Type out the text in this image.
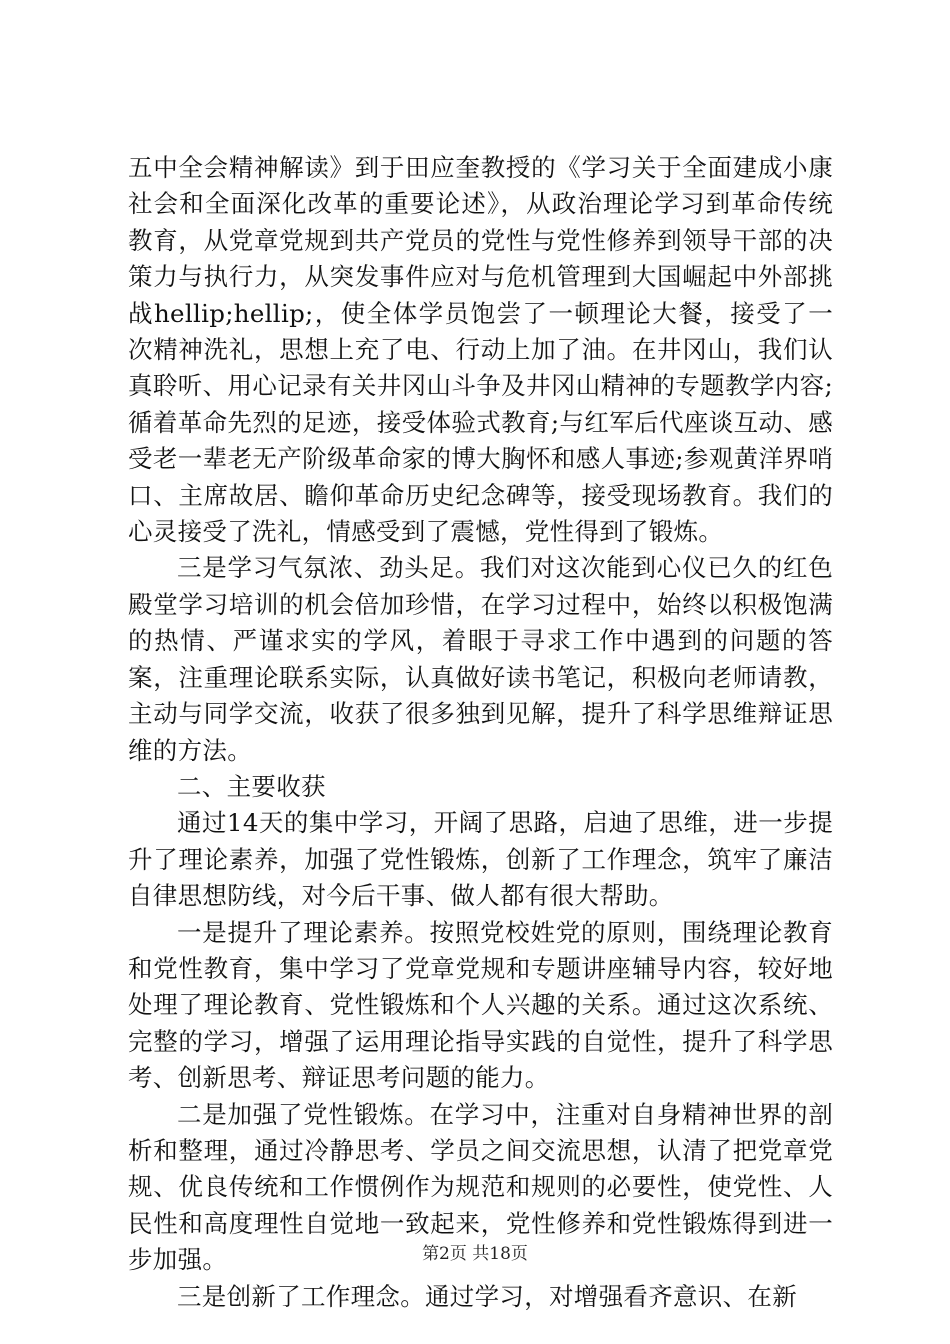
五中全会精神解读》到于田应奎教授的《学习关于全面建成小康社会和全面深化改革的重要论述》，从政治理论学习到革命传统教育，从党章党规到共产党员的党性与党性修养到领导干部的决策力与执行力，从突发事件应对与危机管理到大国崛起中外部挑战hellip;hellip;，使全体学员饱尝了一顿理论大餐，接受了一次精神洗礼，思想上充了电、行动上加了油。在井冈山，我们认真聆听、用心记录有关井冈山斗争及井冈山精神的专题教学内容;循着革命先烈的足迹，接受体验式教育;与红军后代座谈互动、感受老一辈老无产阶级革命家的博大胸怀和感人事迹;参观黄洋界哨口、主席故居、瞻仰革命历史纪念碑等，接受现场教育。我们的心灵接受了洗礼，情感受到了震憾，党性得到了锻炼。

三是学习气氛浓、劲头足。我们对这次能到心仪已久的红色殿堂学习培训的机会倍加珍惜，在学习过程中，始终以积极饱满的热情、严谨求实的学风，着眼于寻求工作中遇到的问题的答案，注重理论联系实际，认真做好读书笔记，积极向老师请教，主动与同学交流，收获了很多独到见解，提升了科学思维辩证思维的方法。

二、主要收获

通过14天的集中学习，开阔了思路，启迪了思维，进一步提升了理论素养，加强了党性锻炼，创新了工作理念，筑牢了廉洁自律思想防线，对今后干事、做人都有很大帮助。

一是提升了理论素养。按照党校姓党的原则，围绕理论教育和党性教育，集中学习了党章党规和专题讲座辅导内容，较好地处理了理论教育、党性锻炼和个人兴趣的关系。通过这次系统、完整的学习，增强了运用理论指导实践的自觉性，提升了科学思考、创新思考、辩证思考问题的能力。

二是加强了党性锻炼。在学习中，注重对自身精神世界的剖析和整理，通过冷静思考、学员之间交流思想，认清了把党章党规、优良传统和工作惯例作为规范和规则的必要性，使党性、人民性和高度理性自觉地一致起来，党性修养和党性锻炼得到进一步加强。

三是创新了工作理念。通过学习，对增强看齐意识、在新

第2页 共18页
